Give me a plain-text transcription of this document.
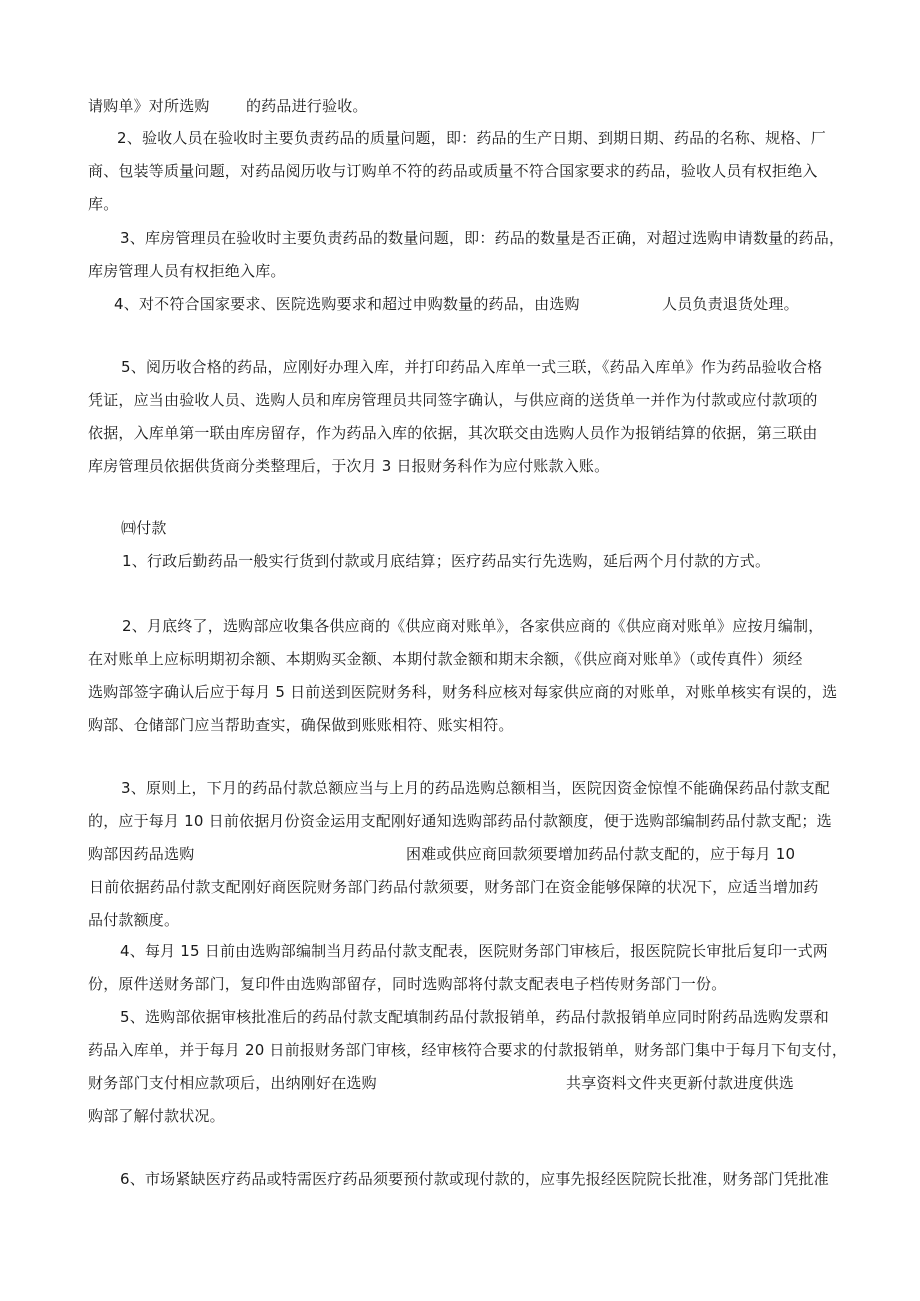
请购单》对所选购

的药品进行验收。

2、验收人员在验收时主要负责药品的质量问题，即：药品的生产日期、到期日期、药品的名称、规格、厂

商、包装等质量问题，对药品阅历收与订购单不符的药品或质量不符合国家要求的药品，验收人员有权拒绝入

库。

3、库房管理员在验收时主要负责药品的数量问题，即：药品的数量是否正确，对超过选购申请数量的药品，

库房管理人员有权拒绝入库。

4、对不符合国家要求、医院选购要求和超过申购数量的药品，由选购

	人员负责退货处理。

5、阅历收合格的药品，应刚好办理入库，并打印药品入库单一式三联，《药品入库单》作为药品验收合格

凭证，应当由验收人员、选购人员和库房管理员共同签字确认，与供应商的送货单一并作为付款或应付款项的

依据，入库单第一联由库房留存，作为药品入库的依据，其次联交由选购人员作为报销结算的依据，第三联由

库房管理员依据供货商分类整理后，于次月 3 日报财务科作为应付账款入账。

㈣付款

1、行政后勤药品一般实行货到付款或月底结算；医疗药品实行先选购，延后两个月付款的方式。

2、月底终了，选购部应收集各供应商的《供应商对账单》，各家供应商的《供应商对账单》应按月编制，

在对账单上应标明期初余额、本期购买金额、本期付款金额和期末余额，《供应商对账单》（或传真件）须经

选购部签字确认后应于每月 5 日前送到医院财务科，财务科应核对每家供应商的对账单，对账单核实有误的，选

购部、仓储部门应当帮助查实，确保做到账账相符、账实相符。

3、原则上，下月的药品付款总额应当与上月的药品选购总额相当，医院因资金惊惶不能确保药品付款支配

的，应于每月 10 日前依据月份资金运用支配刚好通知选购部药品付款额度，便于选购部编制药品付款支配；选

购部因药品选购

	困难或供应商回款须要增加药品付款支配的，应于每月 10

日前依据药品付款支配刚好商医院财务部门药品付款须要，财务部门在资金能够保障的状况下，应适当增加药

品付款额度。

4、每月 15 日前由选购部编制当月药品付款支配表，医院财务部门审核后，报医院院长审批后复印一式两

份，原件送财务部门，复印件由选购部留存，同时选购部将付款支配表电子档传财务部门一份。

5、选购部依据审核批准后的药品付款支配填制药品付款报销单，药品付款报销单应同时附药品选购发票和

药品入库单，并于每月 20 日前报财务部门审核，经审核符合要求的付款报销单，财务部门集中于每月下旬支付，

财务部门支付相应款项后，出纳刚好在选购

	共享资料文件夹更新付款进度供选

购部了解付款状况。

6、市场紧缺医疗药品或特需医疗药品须要预付款或现付款的，应事先报经医院院长批准，财务部门凭批准
